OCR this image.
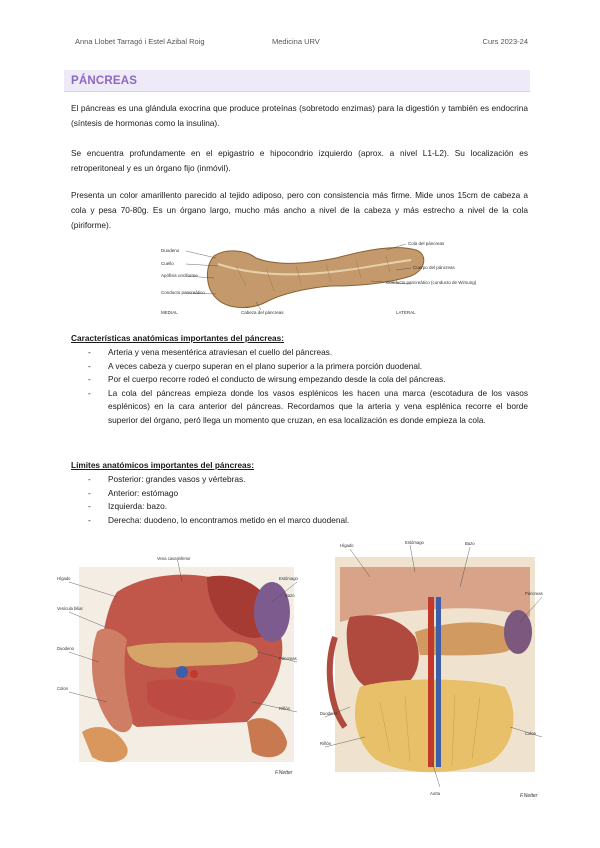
Anna Llobet Tarragó i Estel Azibal Roig	Medicina URV	Curs 2023-24
PÁNCREAS

El páncreas es una glándula exocrina que produce proteínas (sobretodo enzimas) para la digestión y también es endocrina (síntesis de hormonas como la insulina).

Se encuentra profundamente en el epigastrio e hipocondrio izquierdo (aprox. a nivel L1-L2). Su localización es retroperitoneal y es un órgano fijo (inmóvil).

Presenta un color amarillento parecido al tejido adiposo, pero con consistencia más firme. Mide unos 15cm de cabeza a cola y pesa 70-80g. Es un órgano largo, mucho más ancho a nivel de la cabeza y más estrecho a nivel de la cola (piriforme).

Duodeno
Cuello
Apófisis unciforme
Conducto pancreático
Cola del páncreas
Cuerpo del páncreas
Conducto pancreático (conducto de Wirsung)
Cabeza del páncreas
MEDIAL	LATERAL
Características anatómicas importantes del páncreas:
- Arteria y vena mesentérica atraviesan el cuello del páncreas.
- A veces cabeza y cuerpo superan en el plano superior a la primera porción duodenal.
- Por el cuerpo recorre rodeó el conducto de wirsung empezando desde la cola del páncreas.
- La cola del páncreas empieza donde los vasos esplénicos les hacen una marca (escotadura de los vasos esplénicos) en la cara anterior del páncreas. Recordamos que la arteria y vena esplénica recorre el borde superior del órgano, peró llega un momento que cruzan, en esa localización es donde empieza la cola.
Límites anatómicos importantes del páncreas:
- Posterior: grandes vasos y vértebras.
- Anterior: estómago
- Izquierda: bazo.
- Derecha: duodeno, lo encontramos metido en el marco duodenal.
Vena cava inferior
Hígado
Vesícula biliar
Duodeno
Colon
Estómago
Bazo
Páncreas
Riñón
F.Netter
Hígado
Estómago	Bazo
Páncreas
Duodeno
Riñón
Colon
Aorta	F.Netter
